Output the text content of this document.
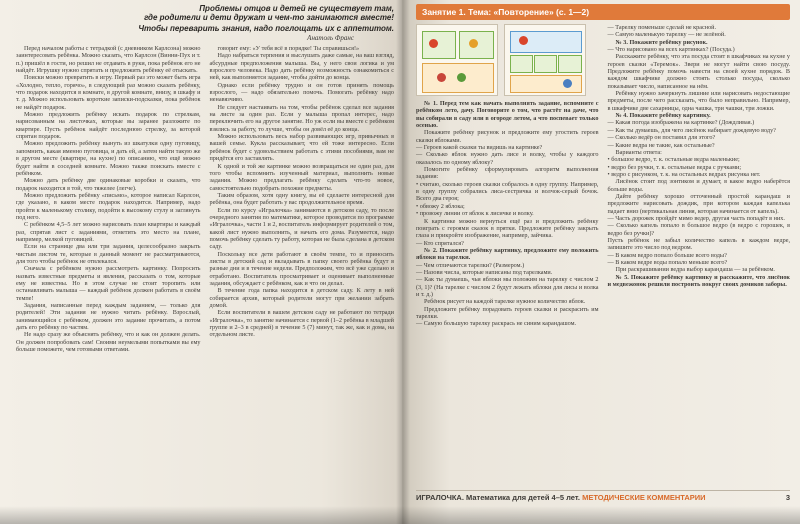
Проблемы отцов и детей не существует там,
где родители и дети дружат и чем-то занимаются вместе!
Чтобы переварить знания, надо поглощать их с аппетитом.
Анатоль Франс

Перед началом работы с тетрадкой (с дневником Карлсона) можно заинтересовать ребёнка. Можно сказать, что Карлсон (Винни-Пух и т. п.) пришёл в гости, но решил не отдавать в руки, пока ребёнок его не найдёт. Игрушку нужно спрятать и предложить ребёнку её отыскать.

Поиски можно превратить в игру. Первый раз это может быть игра «Холодно, тепло, горячо», в следующий раз можно сказать ребёнку, что подарок находится в комнате, в другой комнате, внизу, в шкафу и т. д. Можно использовать короткие записки-подсказки, пока ребёнок не найдёт подарок.

Можно предложить ребёнку искать подарок по стрелкам, нарисованным на листочках, которые вы заранее разложите по квартире. Пусть ребёнок найдёт последнюю стрелку, за которой спрятан подарок.

Можно предложить ребёнку вынуть из шкатулки одну пуговицу, запомнить, какая именно пуговица, и дать ей, а затем найти такую же в другом месте (квартире, на кухне) по описанию, что ещё можно будет найти в соседней комнате. Можно также поискать вместе с ребёнком.

Можно дать ребёнку две одинаковые коробки и сказать, что подарок находится в той, что тяжелее (легче).

Можно предложить ребёнку «письмо», которое написал Карлсон, где указано, в каком месте подарок находится. Например, надо пройти к маленькому столику, подойти к высокому стулу и заглянуть под него.

С ребёнком 4,5–5 лет можно нарисовать план квартиры и каждый раз, спрятав лист с заданиями, отметить это место на плане, например, мелкой пуговицей.

Если на странице два или три задания, целесообразно закрыть чистым листом те, которые в данный момент не рассматриваются, для того чтобы ребёнок не отвлекался.

Сначала с ребёнком нужно рассмотреть картинку. Попросить назвать известные предметы и явления, рассказать о том, которые ему не известны. Но в этом случае не стоит торопить или останавливать малыша — каждый ребёнок должен работать в своём темпе!

Задания, написанные перед каждым заданием, — только для родителей! Эти задания не нужно читать ребёнку. Взрослый, занимающийся с ребёнком, должен это задание прочитать, а потом дать его ребёнку по частям.

Не надо сразу же объяснять ребёнку, что и как он должен делать. Он должен попробовать сам! Своими неумелыми попытками вы ему больше поможете, чем готовыми ответами.

говорит ему: «У тебя всё в порядке! Ты справишься!»

Надо набраться терпения и выслушать даже самые, на ваш взгляд, абсурдные предположения малыша. Вы, у него свои логика и ум взрослого человека. Надо дать ребёнку возможность ознакомиться с ней, как выполняется задание, чтобы дойти до конца.

Однако если ребёнку трудно и он готов принять помощь взрослого, — надо обязательно помочь. Помогать ребёнку надо ненавязчиво.

Не следует настаивать на том, чтобы ребёнок сделал все задания на листе за один раз. Если у малыша пропал интерес, надо переключить его на другое занятие. Но уж если вы вместе с ребёнком взялись за работу, то лучше, чтобы он довёл её до конца.

Можно использовать весь набор развивающих игр, привычных в вашей семье. Кукла рассказывает, что ей тоже интересно. Если ребёнок будет с удовольствием работать с этими пособиями, вам не придётся его заставлять.

К одной и той же картинке можно возвращаться не один раз, для того чтобы вспомнить изученный материал, выполнить новые задания. Можно предлагать ребёнку сделать что-то новое, самостоятельно подобрать похожие предметы.

Таким образом, хотя одну книгу, вы её сделаете интересной для ребёнка, она будет работать у вас продолжительное время.

Если по курсу «Игралочка» занимаются в детском саду, то после очередного занятия по математике, которое проводится по программе «Игралочка», части 1 и 2, воспитатель информирует родителей о том, какой лист нужно выполнить, и начать его дома. Разумеется, надо помочь ребёнку сделать ту работу, которая не была сделана в детском саду.

Поскольку все дети работают в своём темпе, то и приносить листы в детский сад и вкладывать в папку своего ребёнка будут в разные дни и в течение недели. Предположим, что всё уже сделано и отработано. Воспитатель просматривает и оценивает выполненные задания, обсуждает с ребёнком, как и что он делал.

В течение года папка находится в детском саду. К лету в ней собирается архив, который родители могут при желании забрать домой.

Если воспитатели в вашем детском саду не работают по тетради «Игралочка», то занятие начинается с первой (1–2 ребёнка в младшей группе и 2–3 в средней) в течение 5 (7) минут, так же, как и дома, на отдельном листе.

Занятие 1. Тема: «Повторение» (с. 1—2)

№ 1. Перед тем как начать выполнять задание, вспомните с ребёнком лето, дачу. Поговорите о том, что растёт на даче, что вы собирали в саду или в огороде летом, а что поспевает только осенью.

Покажите ребёнку рисунок и предложите ему угостить героев сказки яблоками.

— Героев какой сказки ты видишь на картинке?

— Сколько яблок нужно дать лисе и волку, чтобы у каждого оказалось по одному яблоку?

Помогите ребёнку сформулировать алгоритм выполнения задания:

• считаю, сколько героев сказки собралось в одну группу. Например, в одну группу собрались лиса-сестричка и волчок-серый бочок. Всего два героя;

• обвожу 2 яблока;

• провожу линии от яблок к лисичке и волку.

К картинке можно вернуться ещё раз и предложить ребёнку поиграть с героями сказок в прятки. Предложите ребёнку закрыть глаза и прикройте изображение, например, зайчика.

— Кто спрятался?

№ 2. Покажите ребёнку картинку, предложите ему положить яблоки на тарелки.

— Чем отличаются тарелки? (Размером.)

— Назови числа, которые написаны под тарелками.

— Как ты думаешь, чьи яблоки мы положим на тарелку с числом 2 (3, 1)? (На тарелке с числом 2 будут лежать яблоки для лисы и волка и т. д.)

Ребёнок рисует на каждой тарелке нужное количество яблок.

Предложите ребёнку порадовать героев сказки и раскрасить им тарелки.

— Самую большую тарелку раскрась не синим карандашом.

— Тарелку поменьше сделай не красной.

— Самую маленькую тарелку — не зелёной.

№ 3. Покажите ребёнку рисунок.

— Что нарисовано на всех картинках? (Посуда.)

Расскажите ребёнку, что эта посуда стоит в шкафчиках на кухне у героев сказки «Теремок». Звери не могут найти свою посуду. Предложите ребёнку помочь навести на своей кухне порядок. В каждом шкафчике должно стоять столько посуды, сколько показывает число, написанное на нём.

Ребёнку нужно зачеркнуть лишние или нарисовать недостающие предметы, после чего рассказать, что было неправильно. Например, в шкафчике две сахарницы, одна чашка, три чашки, три ложки.

№ 4. Покажите ребёнку картинку.

— Какая погода изображена на картинке? (Дождливая.)

— Как ты думаешь, для чего лисёнок набирает дождевую воду?

— Сколько ведёр он поставил для этого?

— Какие ведра не такие, как остальные?

Варианты ответа:

• большое ведро, т. к. остальные ведра маленькие;

• ведро без ручки, т. к. остальные ведра с ручками;

• ведро с рисунком, т. к. на остальных ведрах рисунка нет.

Лисёнок стоит под зонтиком и думает, в какое ведро наберётся больше воды.

Дайте ребёнку хорошо отточенный простой карандаш и предложите нарисовать дождик, при котором каждая капелька падает вниз (вертикальная линия, которая начинается от капель).

— Часть дорожек пройдёт мимо ведер, другая часть попадёт в них.

— Сколько капель попало в большое ведро (в ведро с горошек, в ведро без ручки)?

Пусть ребёнок не забыл количество капель в каждом ведре, запишите это число под ведром.

— В каком ведро попало больше всего воды?

— В каком ведре воды попало меньше всего?

При раскрашивании ведра выбор карандаша — за ребёнком.

№ 5. Покажите ребёнку картинку и расскажите, что лисёнок и медвежонок решили построить вокруг своих домиков заборы.

ИГРАЛОЧКА. Математика для детей 4–5 лет. МЕТОДИЧЕСКИЕ КОММЕНТАРИИ	3
